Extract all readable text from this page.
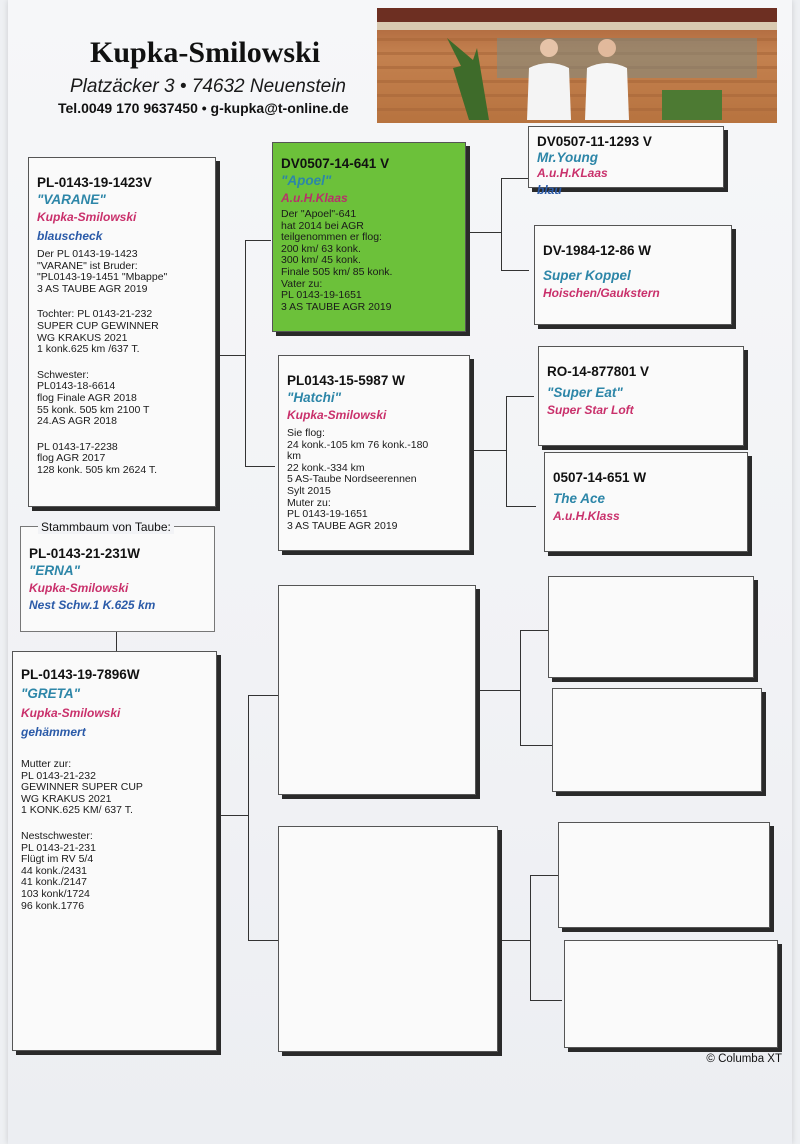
Kupka-Smilowski
Platzäcker 3 • 74632 Neuenstein
Tel.0049 170 9637450 • g-kupka@t-online.de
PL-0143-19-1423V
"VARANE"
Kupka-Smilowski
blauscheck
Der PL 0143-19-1423
"VARANE" ist Bruder:
"PL0143-19-1451 "Mbappe"
3 AS TAUBE AGR 2019
Tochter: PL 0143-21-232
SUPER CUP GEWINNER
WG KRAKUS 2021
1 konk.625 km /637 T.
Schwester:
PL0143-18-6614
flog Finale AGR 2018
55 konk. 505 km 2100 T
24.AS AGR 2018
PL 0143-17-2238
flog AGR 2017
128 konk. 505 km 2624 T.
PL-0143-21-231W
"ERNA"
Kupka-Smilowski
Nest Schw.1 K.625 km
Stammbaum von Taube:
PL-0143-19-7896W
"GRETA"
Kupka-Smilowski
gehämmert
Mutter zur:
PL 0143-21-232
GEWINNER SUPER CUP
WG KRAKUS 2021
1 KONK.625 KM/ 637 T.
Nestschwester:
PL 0143-21-231
Flügt im RV 5/4
44 konk./2431
41 konk./2147
103 konk/1724
96 konk.1776
DV0507-14-641 V
"Apoel"
A.u.H.Klaas
Der "Apoel"-641
hat 2014 bei AGR
teilgenommen er flog:
200 km/ 63 konk.
300 km/ 45 konk.
Finale 505 km/ 85 konk.
Vater zu:
PL 0143-19-1651
3 AS TAUBE AGR 2019
PL0143-15-5987 W
"Hatchi"
Kupka-Smilowski
Sie flog:
24 konk.-105 km 76 konk.-180
km
22 konk.-334 km
5 AS-Taube Nordseerennen
Sylt 2015
Muter zu:
PL 0143-19-1651
3 AS TAUBE AGR 2019
DV0507-11-1293 V
Mr.Young
A.u.H.KLaas
blau
DV-1984-12-86 W
Super Koppel
Hoischen/Gaukstern
RO-14-877801 V
"Super Eat"
Super Star Loft
0507-14-651 W
The Ace
A.u.H.Klass
© Columba XT
